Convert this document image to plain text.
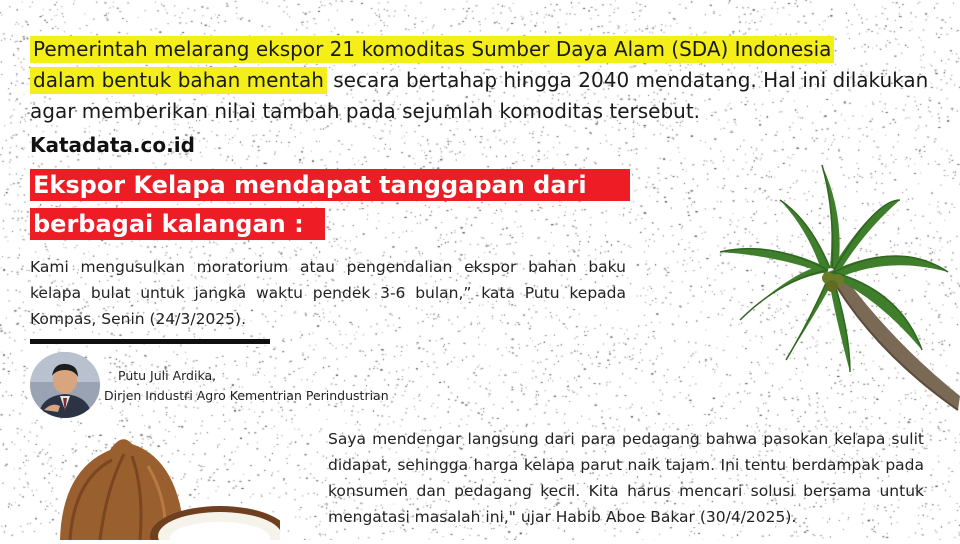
Pemerintah melarang ekspor 21 komoditas Sumber Daya Alam (SDA) Indonesia
dalam bentuk bahan mentah secara bertahap hingga 2040 mendatang. Hal ini dilakukan agar memberikan nilai tambah pada sejumlah komoditas tersebut.
Katadata.co.id
Ekspor Kelapa mendapat tanggapan dari
berbagai kalangan :
Kami mengusulkan moratorium atau pengendalian ekspor bahan baku kelapa bulat untuk jangka waktu pendek 3-6 bulan,” kata Putu kepada Kompas, Senin (24/3/2025).
Putu Juli Ardika,
Dirjen Industri Agro Kementrian Perindustrian
Saya mendengar langsung dari para pedagang bahwa pasokan kelapa sulit didapat, sehingga harga kelapa parut naik tajam. Ini tentu berdampak pada konsumen dan pedagang kecil. Kita harus mencari solusi bersama untuk mengatasi masalah ini," ujar Habib Aboe Bakar (30/4/2025).
